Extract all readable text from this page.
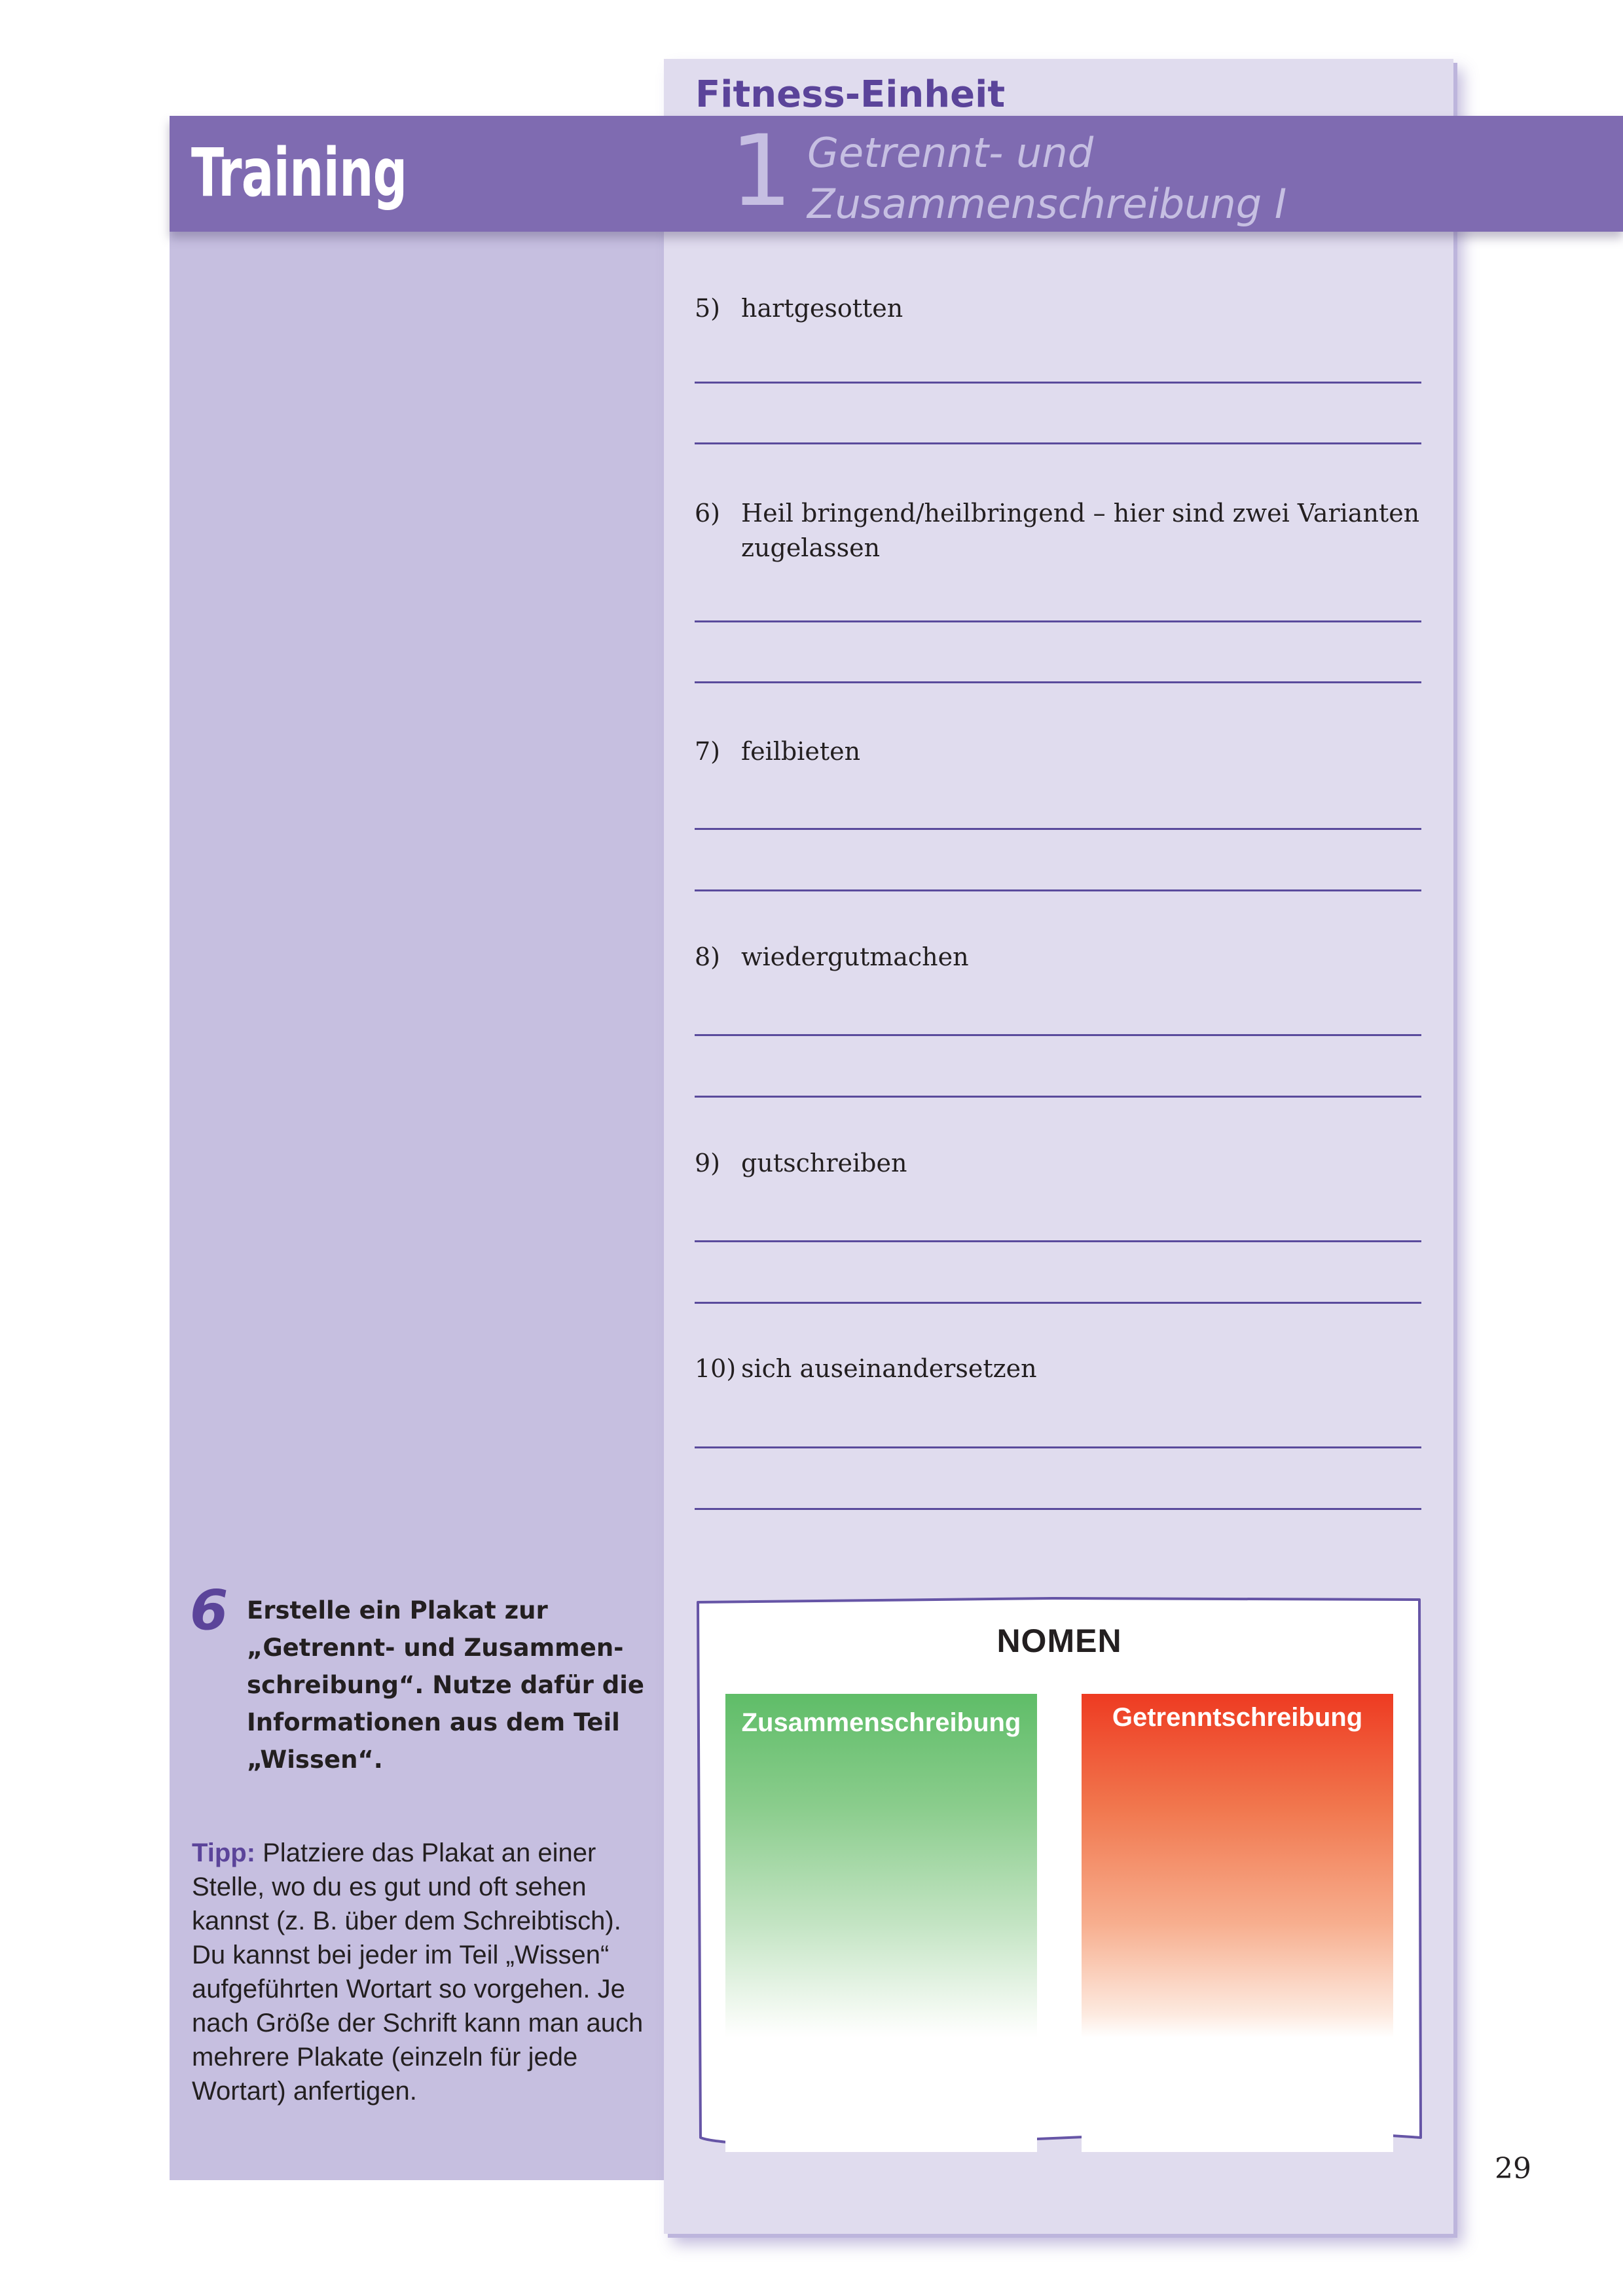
Fitness-Einheit
Training	1 Getrennt- und
Zusammenschreibung I
5) hartgesotten
6) Heil bringend/heilbringend – hier sind zwei Varianten zugelassen
7) feilbieten
8) wiedergutmachen
9) gutschreiben
10) sich auseinandersetzen
6 Erstelle ein Plakat zur „Getrennt- und Zusammen-schreibung“. Nutze dafür die Informationen aus dem Teil „Wissen“.
Tipp: Platziere das Plakat an einer Stelle, wo du es gut und oft sehen kannst (z. B. über dem Schreibtisch). Du kannst bei jeder im Teil „Wissen“ aufgeführten Wortart so vorgehen. Je nach Größe der Schrift kann man auch mehrere Plakate (einzeln für jede Wortart) anfertigen.
NOMEN
Zusammenschreibung	Getrenntschreibung
29
